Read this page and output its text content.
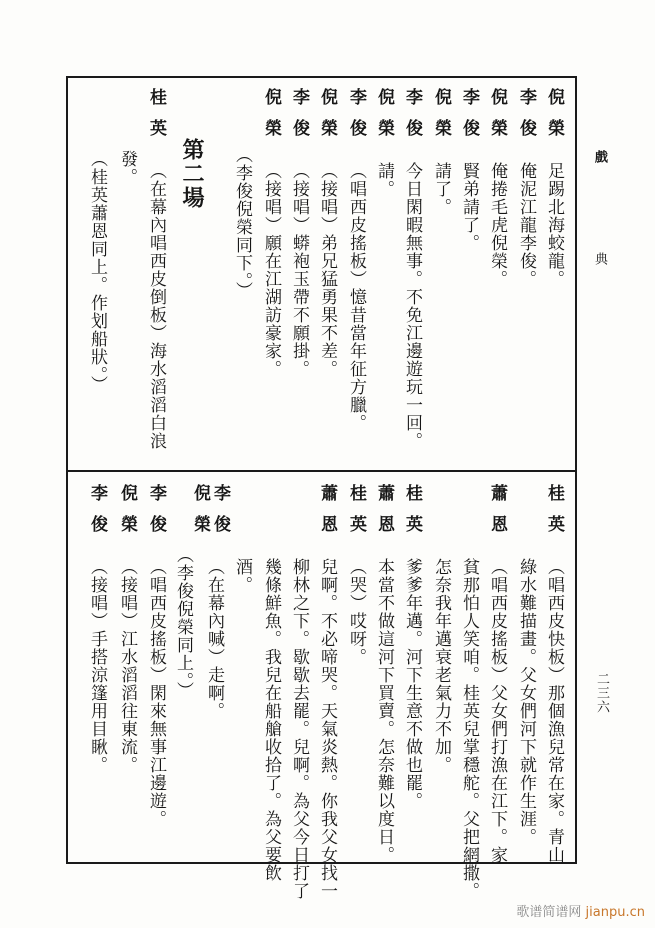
戲
典
二三六
倪榮
足踢北海蛟龍。
李俊
俺泥江龍李俊。
倪榮
俺捲毛虎倪榮。
李俊
賢弟請了。
倪榮
請了。
李俊
今日閑暇無事。不免江邊遊玩一回。
倪榮
請。
李俊
（唱西皮搖板）憶昔當年征方臘。
倪榮
（接唱）弟兄猛勇果不差。
李俊
（接唱）蟒袍玉帶不願掛。
倪榮
（接唱）願在江湖訪豪家。
（李俊倪榮同下。）
第二場
桂英
（在幕內唱西皮倒板）海水滔滔白浪
發。
（桂英蕭恩同上。作划船狀。）
桂英
（唱西皮快板）那個漁兒常在家。青山
綠水難描畫。父女們河下就作生涯。
蕭恩
（唱西皮搖板）父女們打漁在江下。家
貧那怕人笑咱。桂英兒掌穩舵。父把網撒。
怎奈我年邁衰老氣力不加。
桂英
爹爹年邁。河下生意不做也罷。
蕭恩
本當不做這河下買賣。怎奈難以度日。
桂英
（哭）哎呀。
蕭恩
兒啊。不必啼哭。天氣炎熱。你我父女找一
柳林之下。歇歇去罷。兒啊。為父今日打了
幾條鮮魚。我兒在船艙收拾了。為父要飲
酒。
李俊
倪榮
（在幕內喊）走啊。
（李俊倪榮同上。）
李俊
（唱西皮搖板）閑來無事江邊遊。
倪榮
（接唱）江水滔滔往東流。
李俊
（接唱）手搭涼篷用目瞅。
歌谱简谱网 jianpu.cn
